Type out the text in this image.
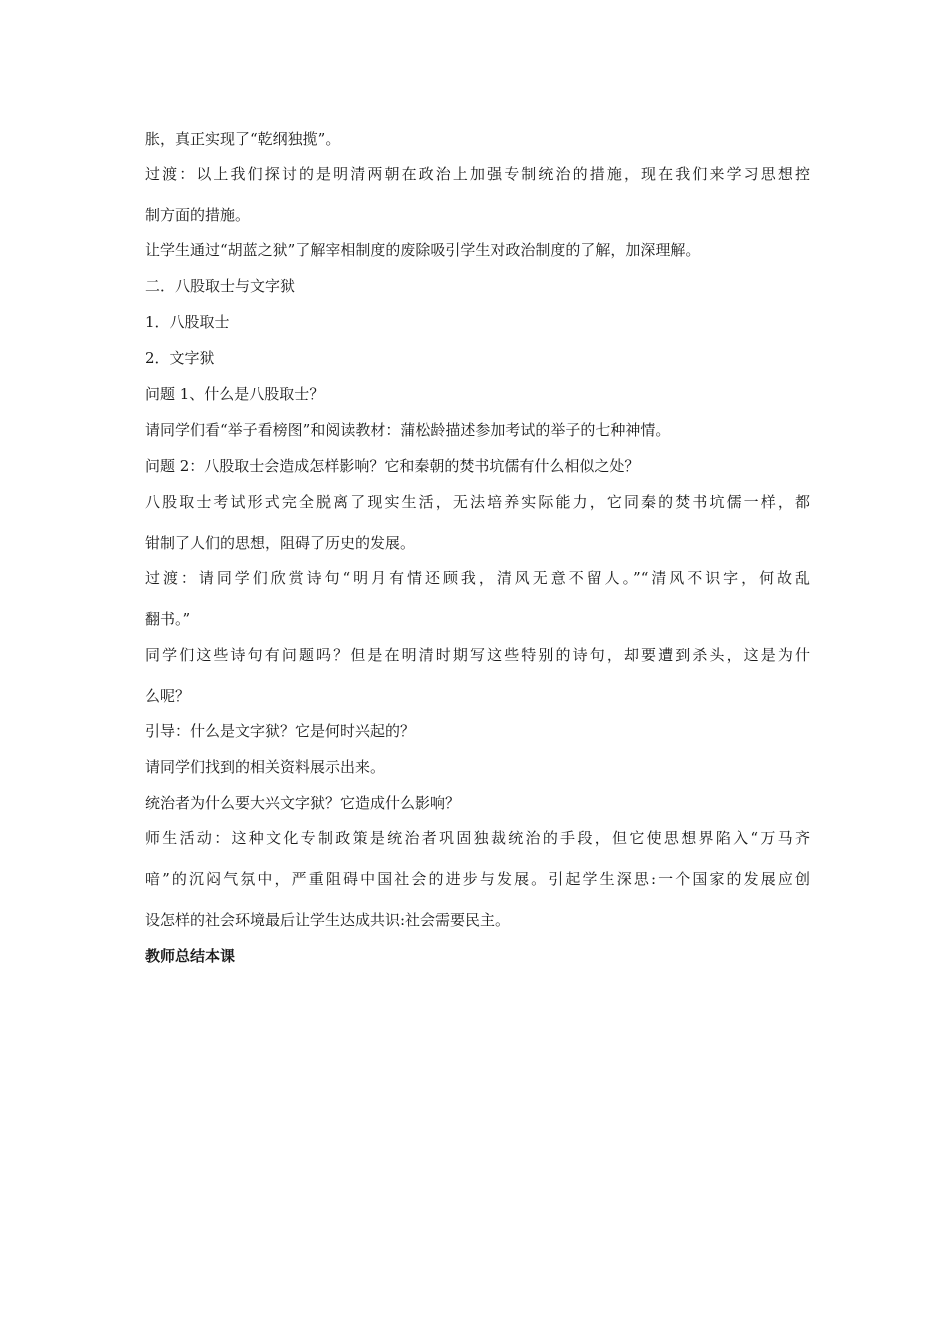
胀，真正实现了“乾纲独揽”。
过渡：以上我们探讨的是明清两朝在政治上加强专制统治的措施，现在我们来学习思想控
制方面的措施。
让学生通过“胡蓝之狱”了解宰相制度的废除吸引学生对政治制度的了解，加深理解。
二．八股取士与文字狱
1．八股取士
2．文字狱
问题 1、什么是八股取士？
请同学们看“举子看榜图”和阅读教材：蒲松龄描述参加考试的举子的七种神情。
问题 2：八股取士会造成怎样影响？它和秦朝的焚书坑儒有什么相似之处？
八股取士考试形式完全脱离了现实生活，无法培养实际能力，它同秦的焚书坑儒一样，都
钳制了人们的思想，阻碍了历史的发展。
过渡：请同学们欣赏诗句“明月有情还顾我，清风无意不留人。”“清风不识字，何故乱
翻书。”
同学们这些诗句有问题吗？但是在明清时期写这些特别的诗句，却要遭到杀头，这是为什
么呢？
引导：什么是文字狱？它是何时兴起的？
请同学们找到的相关资料展示出来。
统治者为什么要大兴文字狱？它造成什么影响？
师生活动：这种文化专制政策是统治者巩固独裁统治的手段，但它使思想界陷入“万马齐
喑”的沉闷气氛中，严重阻碍中国社会的进步与发展。引起学生深思:一个国家的发展应创
设怎样的社会环境最后让学生达成共识:社会需要民主。
教师总结本课
